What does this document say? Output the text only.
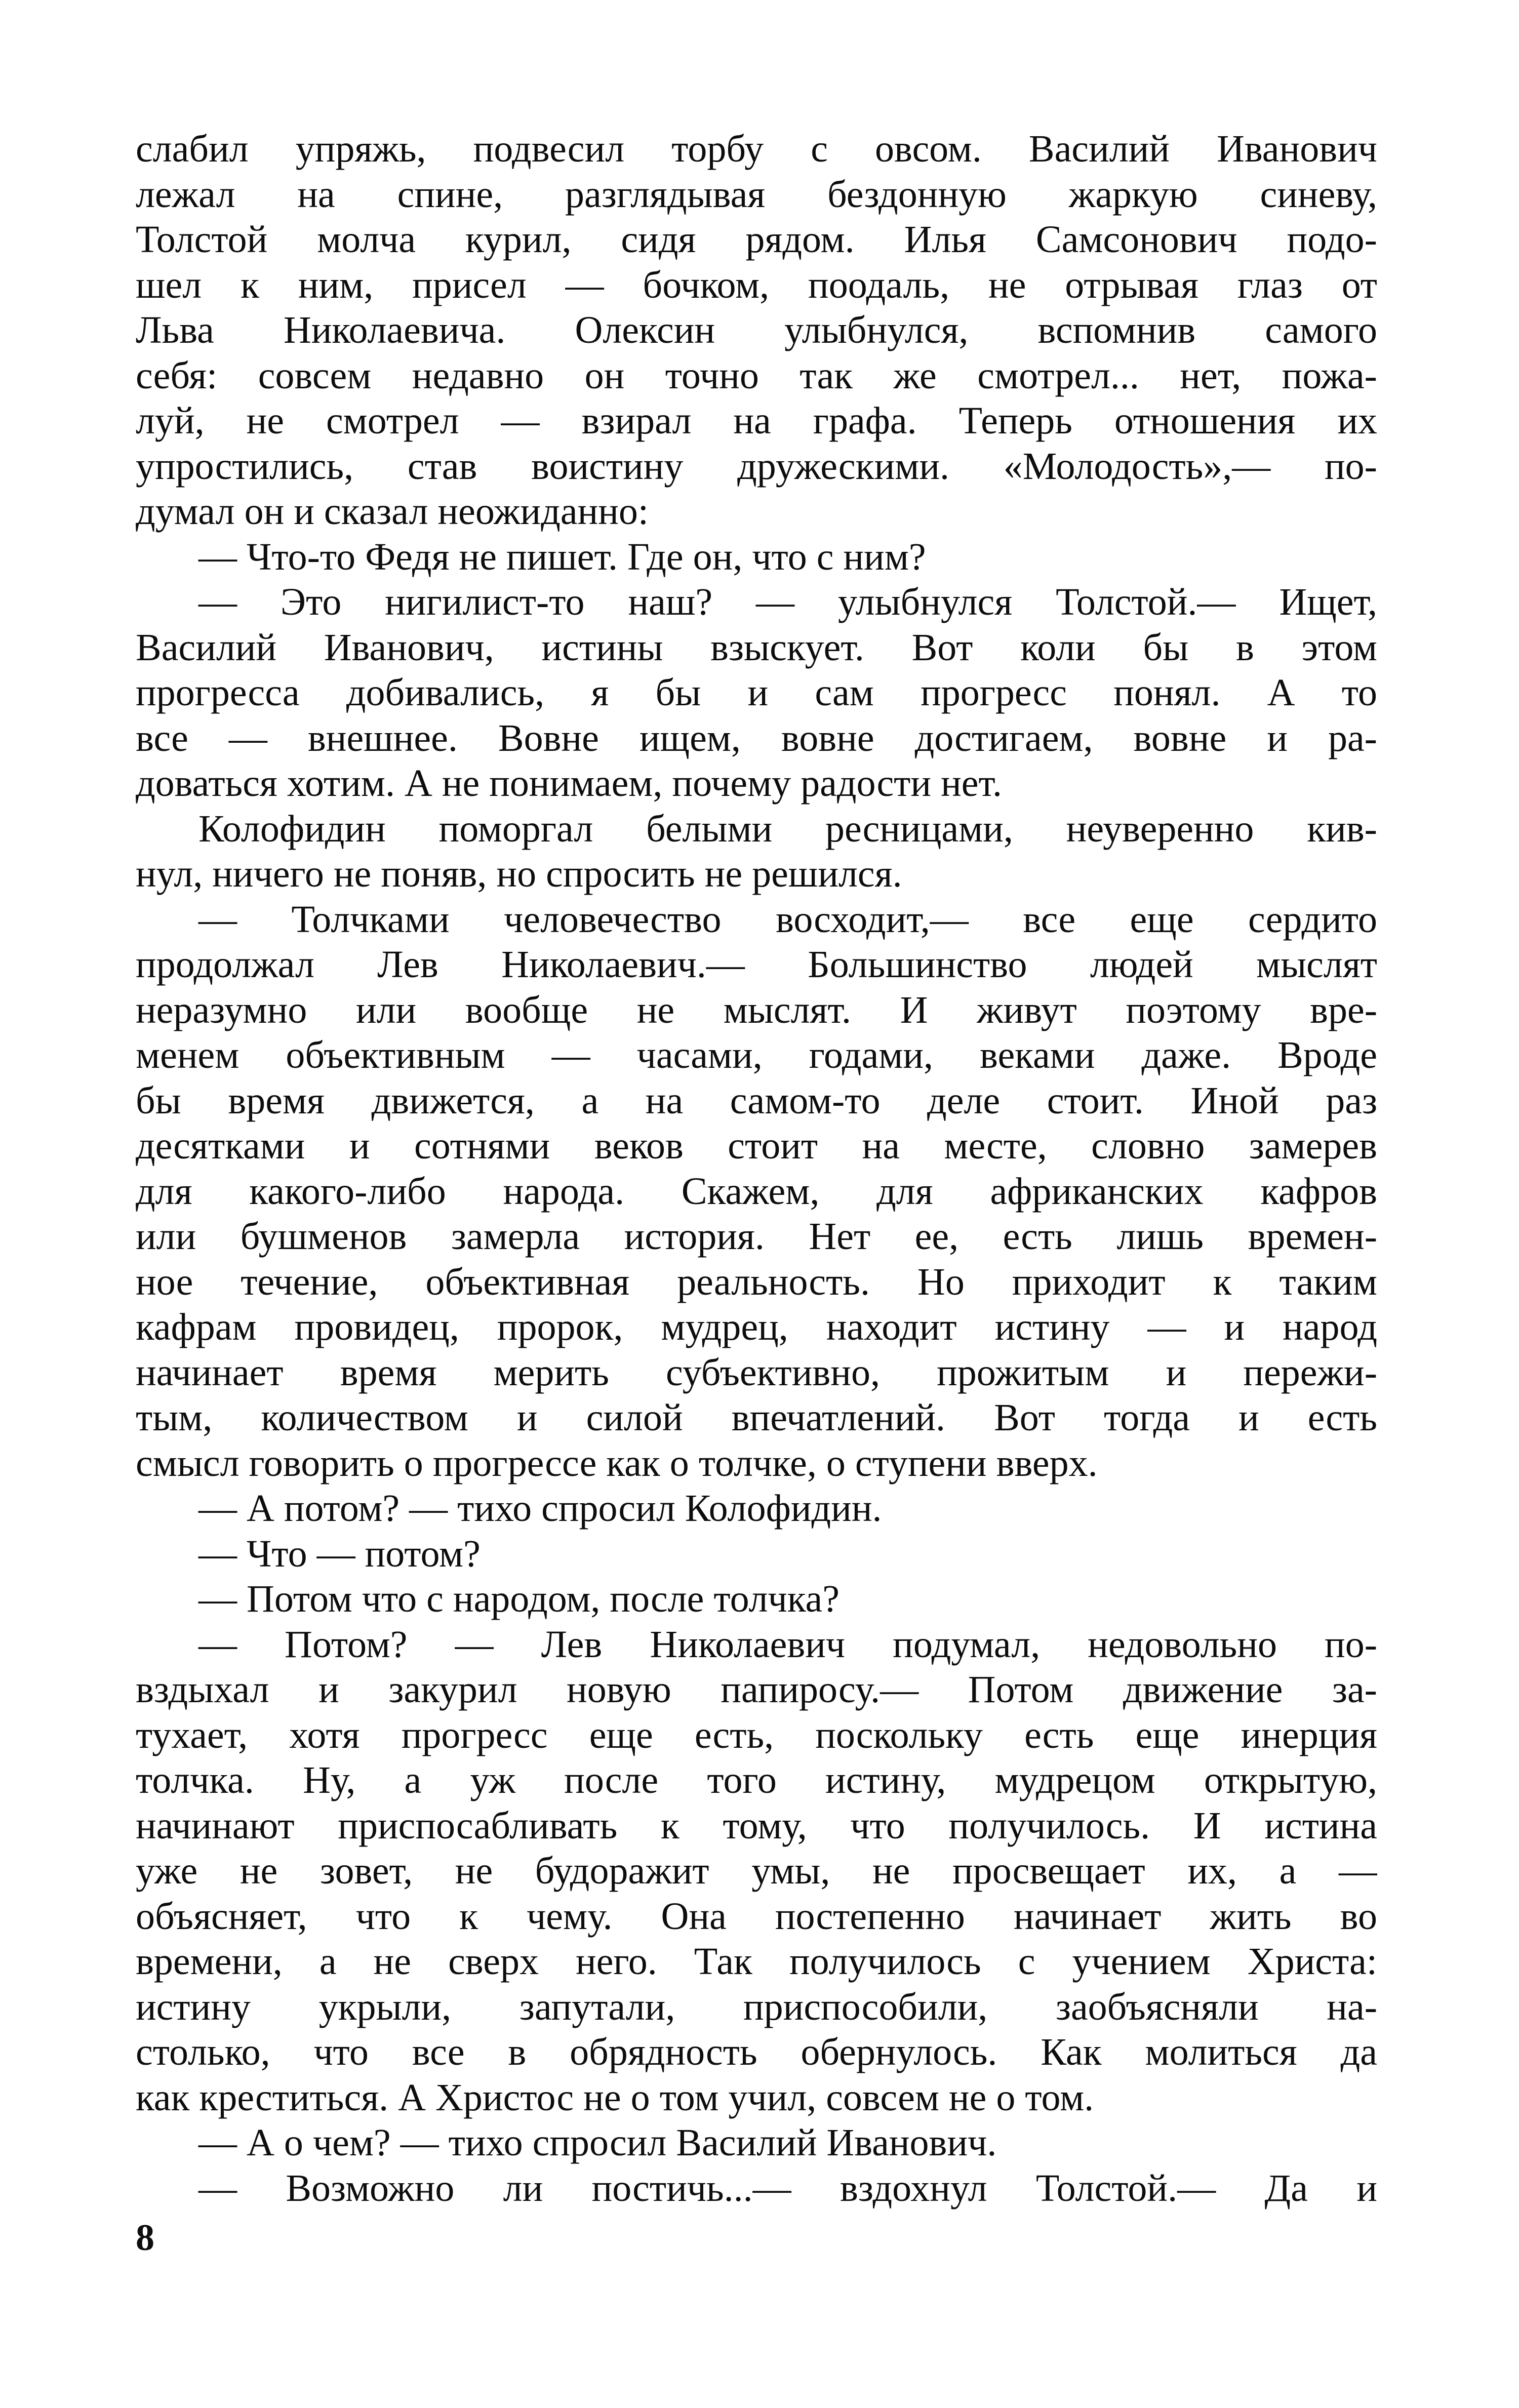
слабил упряжь, подвесил торбу с овсом. Василий Иванович
лежал на спине, разглядывая бездонную жаркую синеву,
Толстой молча курил, сидя рядом. Илья Самсонович подо-
шел к ним, присел — бочком, поодаль, не отрывая глаз от
Льва Николаевича. Олексин улыбнулся, вспомнив самого
себя: совсем недавно он точно так же смотрел... нет, пожа-
луй, не смотрел — взирал на графа. Теперь отношения их
упростились, став воистину дружескими. «Молодость»,— по-
думал он и сказал неожиданно:
— Что-то Федя не пишет. Где он, что с ним?
— Это нигилист-то наш? — улыбнулся Толстой.— Ищет,
Василий Иванович, истины взыскует. Вот коли бы в этом
прогресса добивались, я бы и сам прогресс понял. А то
все — внешнее. Вовне ищем, вовне достигаем, вовне и ра-
доваться хотим. А не понимаем, почему радости нет.
Колофидин поморгал белыми ресницами, неуверенно кив-
нул, ничего не поняв, но спросить не решился.
— Толчками человечество восходит,— все еще сердито
продолжал Лев Николаевич.— Большинство людей мыслят
неразумно или вообще не мыслят. И живут поэтому вре-
менем объективным — часами, годами, веками даже. Вроде
бы время движется, а на самом-то деле стоит. Иной раз
десятками и сотнями веков стоит на месте, словно замерев
для какого-либо народа. Скажем, для африканских кафров
или бушменов замерла история. Нет ее, есть лишь времен-
ное течение, объективная реальность. Но приходит к таким
кафрам провидец, пророк, мудрец, находит истину — и народ
начинает время мерить субъективно, прожитым и пережи-
тым, количеством и силой впечатлений. Вот тогда и есть
смысл говорить о прогрессе как о толчке, о ступени вверх.
— А потом? — тихо спросил Колофидин.
— Что — потом?
— Потом что с народом, после толчка?
— Потом? — Лев Николаевич подумал, недовольно по-
вздыхал и закурил новую папиросу.— Потом движение за-
тухает, хотя прогресс еще есть, поскольку есть еще инерция
толчка. Ну, а уж после того истину, мудрецом открытую,
начинают приспосабливать к тому, что получилось. И истина
уже не зовет, не будоражит умы, не просвещает их, а —
объясняет, что к чему. Она постепенно начинает жить во
времени, а не сверх него. Так получилось с учением Христа:
истину укрыли, запутали, приспособили, заобъясняли на-
столько, что все в обрядность обернулось. Как молиться да
как креститься. А Христос не о том учил, совсем не о том.
— А о чем? — тихо спросил Василий Иванович.
— Возможно ли постичь...— вздохнул Толстой.— Да и
8
